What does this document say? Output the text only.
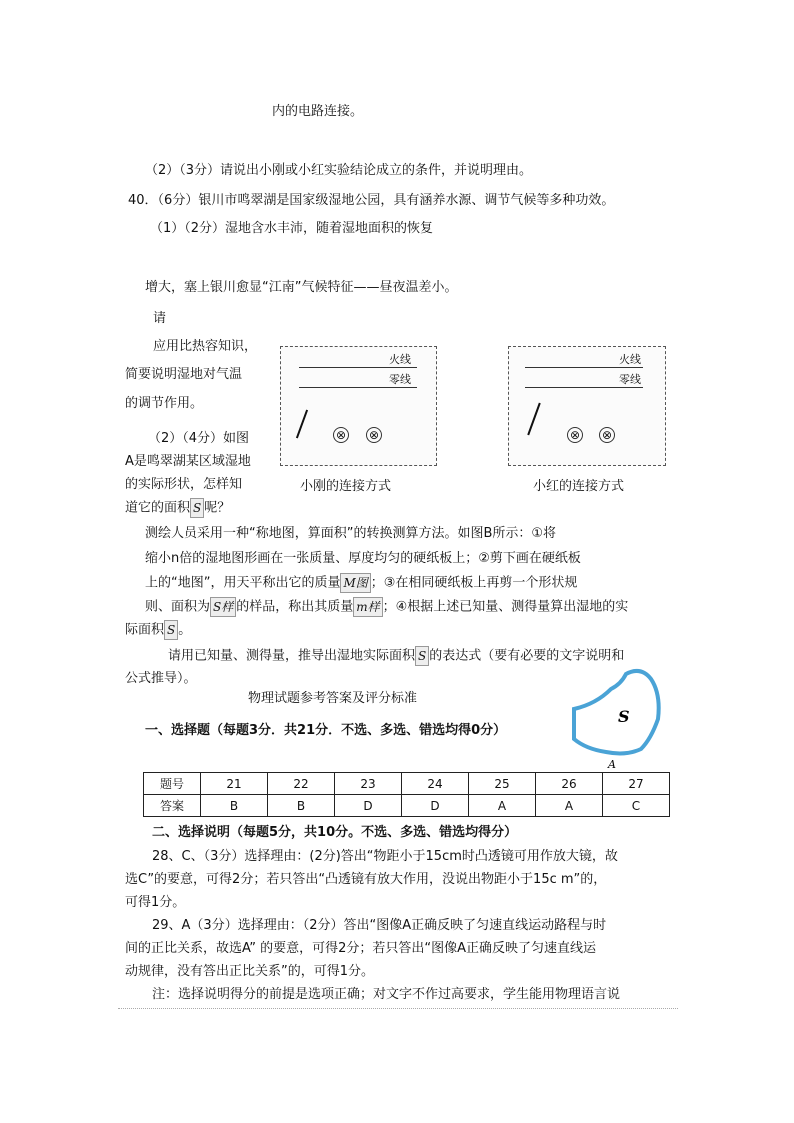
内的电路连接。
（2）（3分）请说出小刚或小红实验结论成立的条件，并说明理由。
40．（6分）银川市鸣翠湖是国家级湿地公园，具有涵养水源、调节气候等多种功效。
（1）（2分）湿地含水丰沛，随着湿地面积的恢复
增大，塞上银川愈显“江南”气候特征——昼夜温差小。
请
应用比热容知识，
简要说明湿地对气温
的调节作用。
（2）（4分）如图
A是鸣翠湖某区域湿地
的实际形状，怎样知
道它的面积 S 呢？
火线
零线
⊗ ⊗
小刚的连接方式
火线
零线
⊗ ⊗
小红的连接方式
测绘人员采用一种“称地图，算面积”的转换测算方法。如图B所示：①将
缩小n倍的湿地图形画在一张质量、厚度均匀的硬纸板上；②剪下画在硬纸板
上的“地图”，用天平称出它的质量 M图 ；③在相同硬纸板上再剪一个形状规
则、面积为 S样 的样品，称出其质量 m样 ；④根据上述已知量、测得量算出湿地的实
际面积 S 。
请用已知量、测得量，推导出湿地实际面积 S 的表达式（要有必要的文字说明和
公式推导）。
物理试题参考答案及评分标准
S
A
一、选择题（每题3分．共21分．不选、多选、错选均得0分）
题号	21	22	23	24	25	26	27
答案	B	B	D	D	A	A	C
二、选择说明（每题5分，共10分。不选、多选、错选均得分）
28、C、（3分）选择理由：(2分)答出“物距小于15cm时凸透镜可用作放大镜，故
选C”的要意，可得2分；若只答出“凸透镜有放大作用，没说出物距小于15c m”的，
可得1分。
29、A（3分）选择理由：（2分）答出“图像A正确反映了匀速直线运动路程与时
间的正比关系，故选A” 的要意，可得2分；若只答出“图像A正确反映了匀速直线运
动规律，没有答出正比关系”的，可得1分。
注：选择说明得分的前提是选项正确；对文字不作过高要求，学生能用物理语言说
